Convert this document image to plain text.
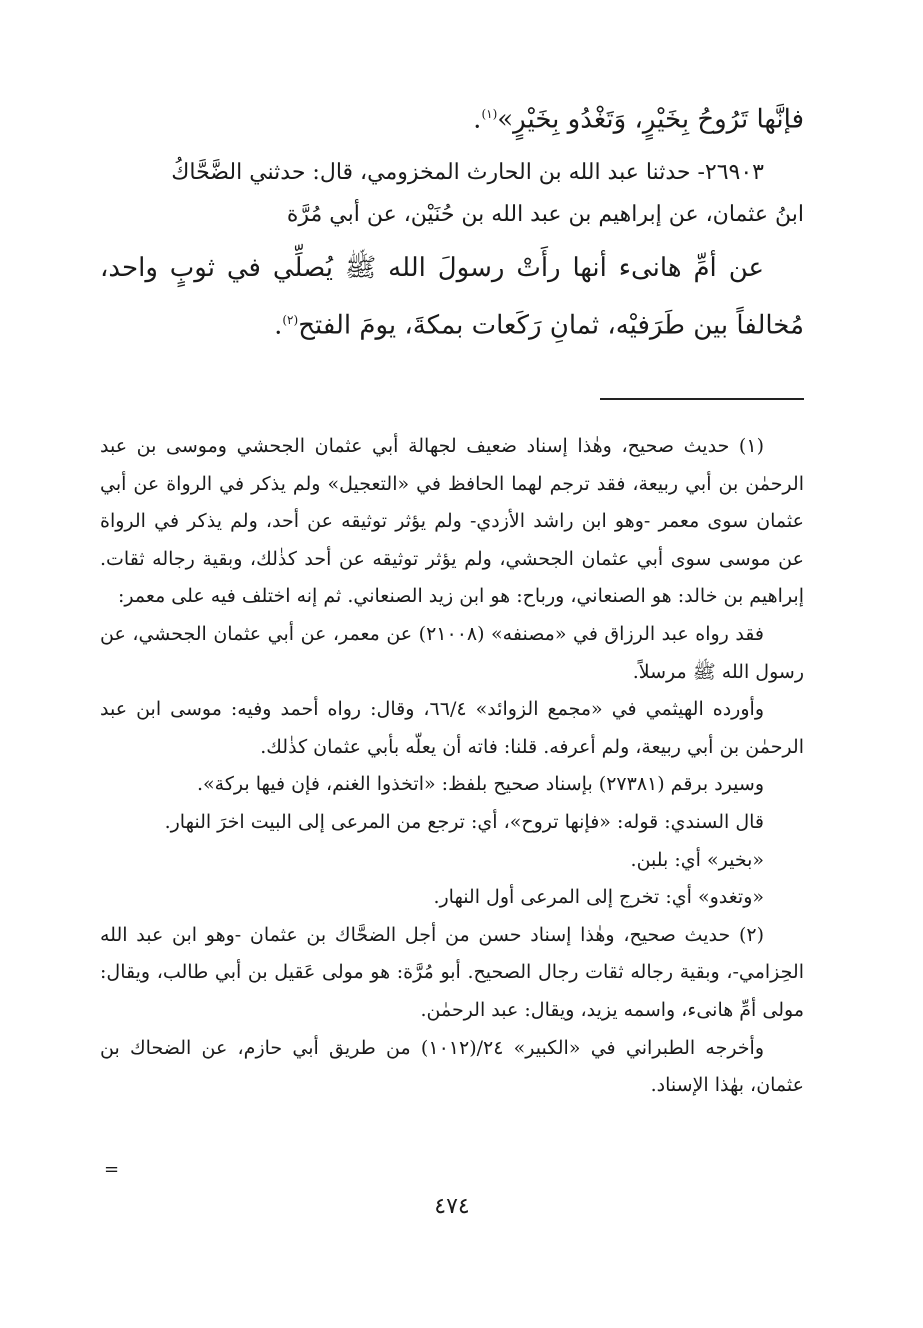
فإنَّها تَرُوحُ بِخَيْرٍ، وَتَغْدُو بِخَيْرٍ»$^{(١)}$.

٢٦٩٠٣- حدثنا عبد الله بن الحارث المخزومي، قال: حدثني الضَّحَّاكُ
ابنُ عثمان، عن إبراهيم بن عبد الله بن حُنَيْن، عن أبي مُرَّة

عن أمِّ هانىء أنها رأَتْ رسولَ الله ﷺ يُصلِّي في ثوبٍ واحد، مُخالفاً بين طَرَفيْه، ثمانِ رَكَعات بمكةَ، يومَ الفتح$^{(٢)}$.

(١) حديث صحيح، وهٰذا إسناد ضعيف لجهالة أبي عثمان الجحشي وموسى بن عبد الرحمٰن بن أبي ربيعة، فقد ترجم لهما الحافظ في «التعجيل» ولم يذكر في الرواة عن أبي عثمان سوى معمر -وهو ابن راشد الأزدي- ولم يؤثر توثيقه عن أحد، ولم يذكر في الرواة عن موسى سوى أبي عثمان الجحشي، ولم يؤثر توثيقه عن أحد كذٰلك، وبقية رجاله ثقات. إبراهيم بن خالد: هو الصنعاني، ورباح: هو ابن زيد الصنعاني. ثم إنه اختلف فيه على معمر:

فقد رواه عبد الرزاق في «مصنفه» (٢١٠٠٨) عن معمر، عن أبي عثمان الجحشي، عن رسول الله ﷺ مرسلاً.

وأورده الهيثمي في «مجمع الزوائد» ٦٦/٤، وقال: رواه أحمد وفيه: موسى ابن عبد الرحمٰن بن أبي ربيعة، ولم أعرفه. قلنا: فاته أن يعلّه بأبي عثمان كذٰلك.

وسيرد برقم (٢٧٣٨١) بإسناد صحيح بلفظ: «اتخذوا الغنم، فإن فيها بركة».

قال السندي: قوله: «فإنها تروح»، أي: ترجع من المرعى إلى البيت اخرَ النهار.

«بخير» أي: بلبن.

«وتغدو» أي: تخرج إلى المرعى أول النهار.

(٢) حديث صحيح، وهٰذا إسناد حسن من أجل الضحَّاك بن عثمان -وهو ابن عبد الله الحِزامي-، وبقية رجاله ثقات رجال الصحيح. أبو مُرَّة: هو مولى عَقيل بن أبي طالب، ويقال: مولى أمِّ هانىء، واسمه يزيد، ويقال: عبد الرحمٰن.

وأخرجه الطبراني في «الكبير» ٢٤/(١٠١٢) من طريق أبي حازم، عن الضحاك بن عثمان، بهٰذا الإسناد.

=
٤٧٤
